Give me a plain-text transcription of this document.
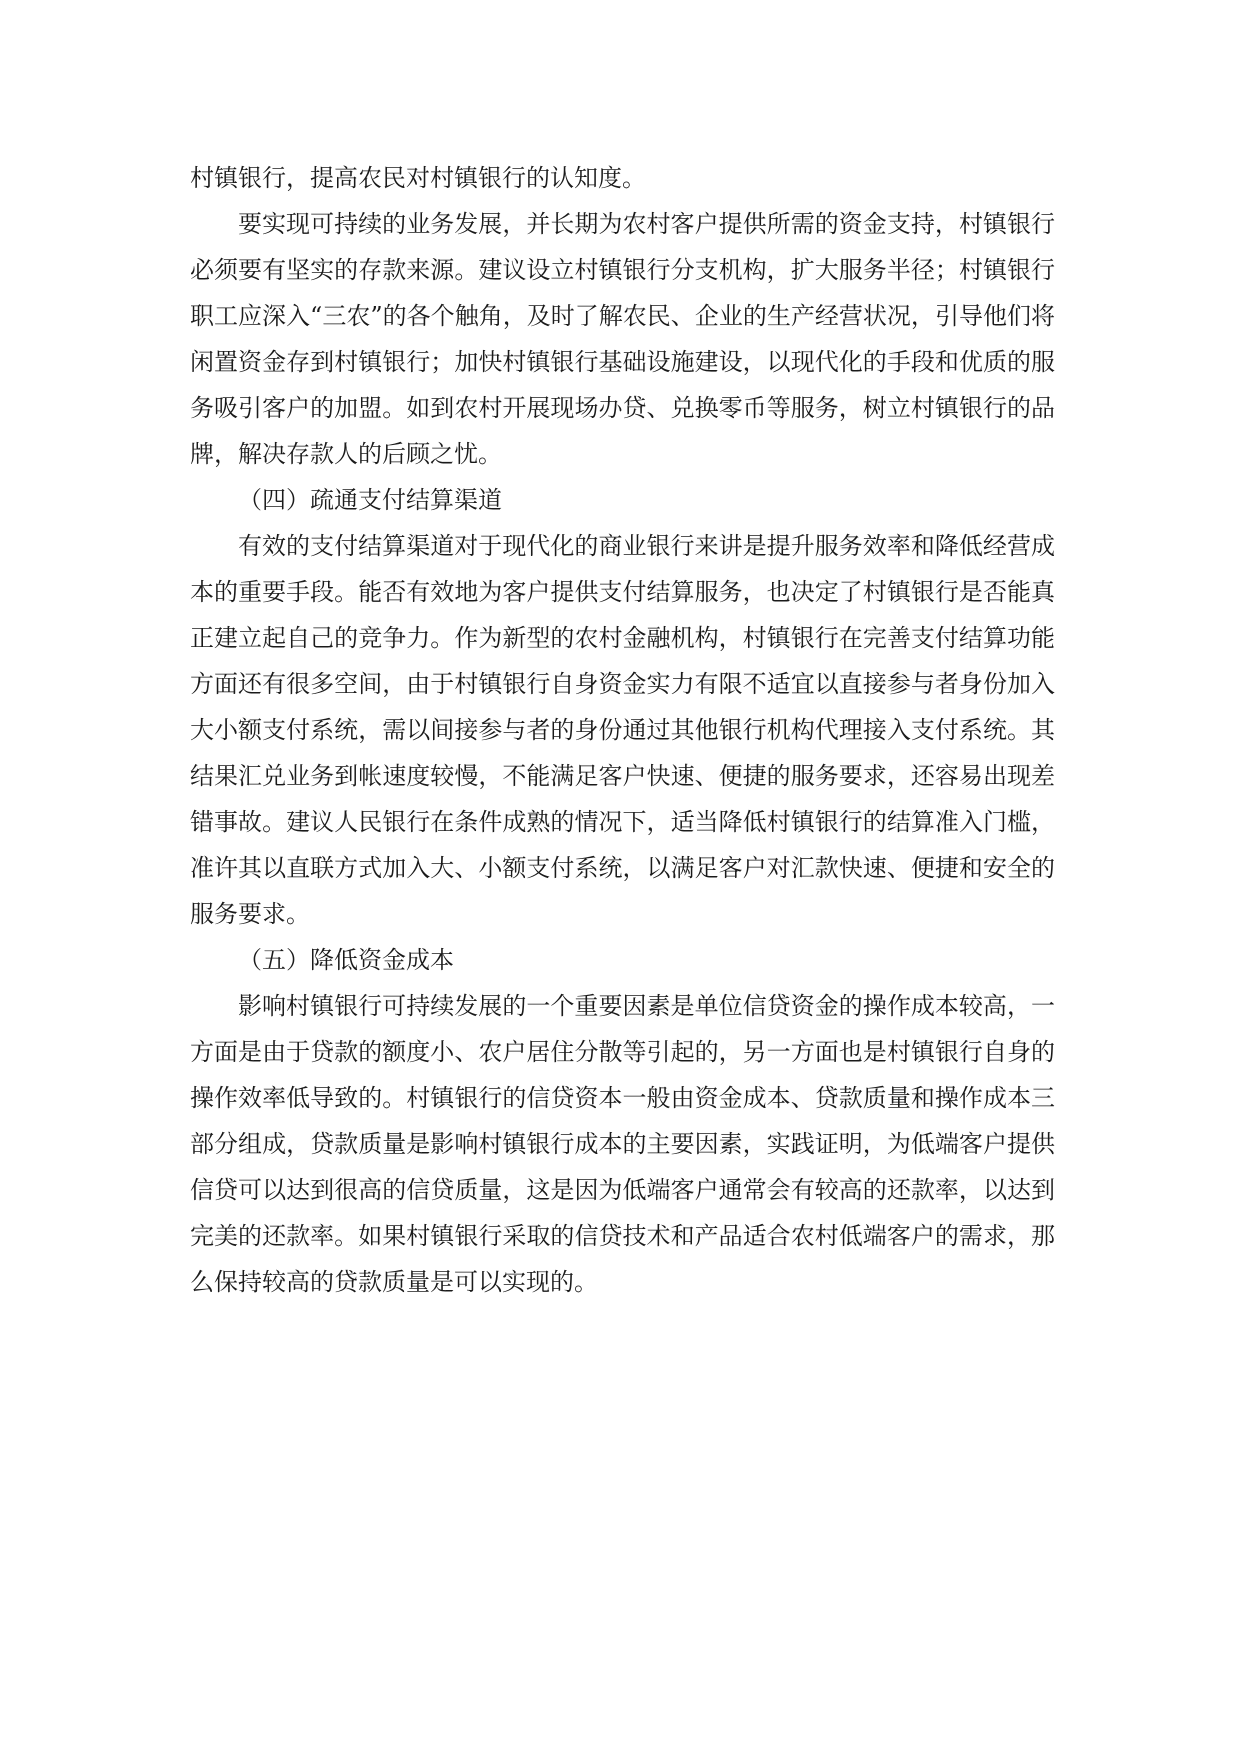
村镇银行，提高农民对村镇银行的认知度。

要实现可持续的业务发展，并长期为农村客户提供所需的资金支持，村镇银行必须要有坚实的存款来源。建议设立村镇银行分支机构，扩大服务半径；村镇银行职工应深入“三农”的各个触角，及时了解农民、企业的生产经营状况，引导他们将闲置资金存到村镇银行；加快村镇银行基础设施建设，以现代化的手段和优质的服务吸引客户的加盟。如到农村开展现场办贷、兑换零币等服务，树立村镇银行的品牌，解决存款人的后顾之忧。

（四）疏通支付结算渠道

有效的支付结算渠道对于现代化的商业银行来讲是提升服务效率和降低经营成本的重要手段。能否有效地为客户提供支付结算服务，也决定了村镇银行是否能真正建立起自己的竞争力。作为新型的农村金融机构，村镇银行在完善支付结算功能方面还有很多空间，由于村镇银行自身资金实力有限不适宜以直接参与者身份加入大小额支付系统，需以间接参与者的身份通过其他银行机构代理接入支付系统。其结果汇兑业务到帐速度较慢，不能满足客户快速、便捷的服务要求，还容易出现差错事故。建议人民银行在条件成熟的情况下，适当降低村镇银行的结算准入门槛，准许其以直联方式加入大、小额支付系统，以满足客户对汇款快速、便捷和安全的服务要求。

（五）降低资金成本

影响村镇银行可持续发展的一个重要因素是单位信贷资金的操作成本较高，一方面是由于贷款的额度小、农户居住分散等引起的，另一方面也是村镇银行自身的操作效率低导致的。村镇银行的信贷资本一般由资金成本、贷款质量和操作成本三部分组成，贷款质量是影响村镇银行成本的主要因素，实践证明，为低端客户提供信贷可以达到很高的信贷质量，这是因为低端客户通常会有较高的还款率，以达到完美的还款率。如果村镇银行采取的信贷技术和产品适合农村低端客户的需求，那么保持较高的贷款质量是可以实现的。
